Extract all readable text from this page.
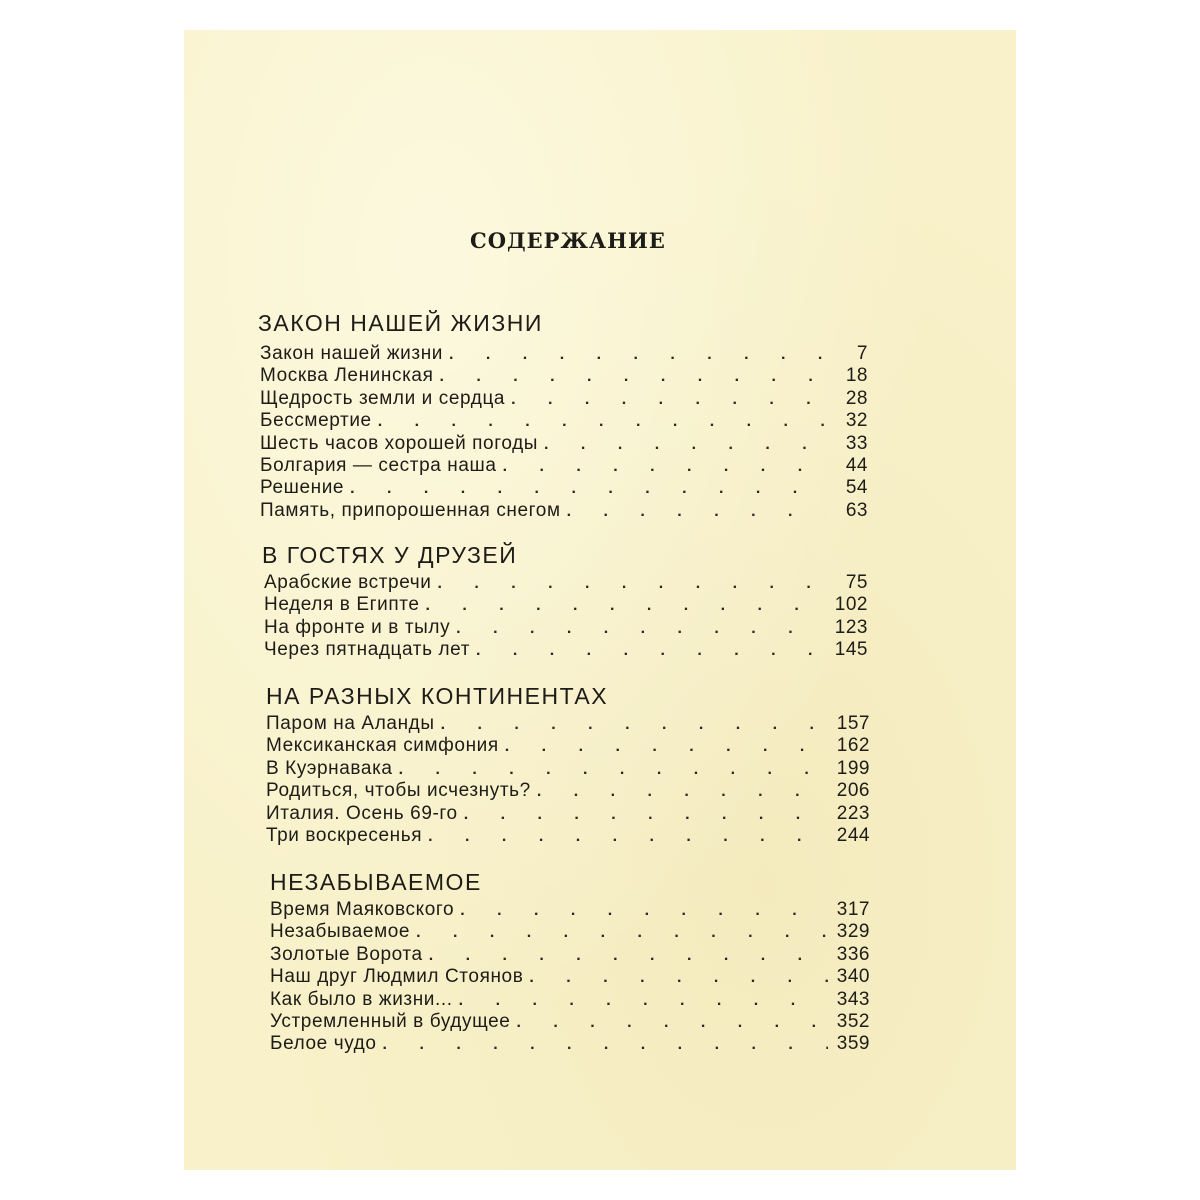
СОДЕРЖАНИЕ
ЗАКОН НАШЕЙ ЖИЗНИ
Закон нашей жизни . . .	7
Москва Ленинская . . .	18
Щедрость земли и сердца . . .	28
Бессмертие . . .	32
Шесть часов хорошей погоды . . .	33
Болгария — сестра наша . . .	44
Решение . . .	54
Память, припорошенная снегом . . .	63
В ГОСТЯХ У ДРУЗЕЙ
Арабские встречи . . .	75
Неделя в Египте . . .	102
На фронте и в тылу . . .	123
Через пятнадцать лет . . .	145
НА РАЗНЫХ КОНТИНЕНТАХ
Паром на Аланды . . .	157
Мексиканская симфония . . .	162
В Куэрнавака . . .	199
Родиться, чтобы исчезнуть? . . .	206
Италия. Осень 69-го . . .	223
Три воскресенья . . .	244
НЕЗАБЫВАЕМОЕ
Время Маяковского . . .	317
Незабываемое . . .	329
Золотые Ворота . . .	336
Наш друг Людмил Стоянов . . .	340
Как было в жизни... . . .	343
Устремленный в будущее . . .	352
Белое чудо . . .	359
